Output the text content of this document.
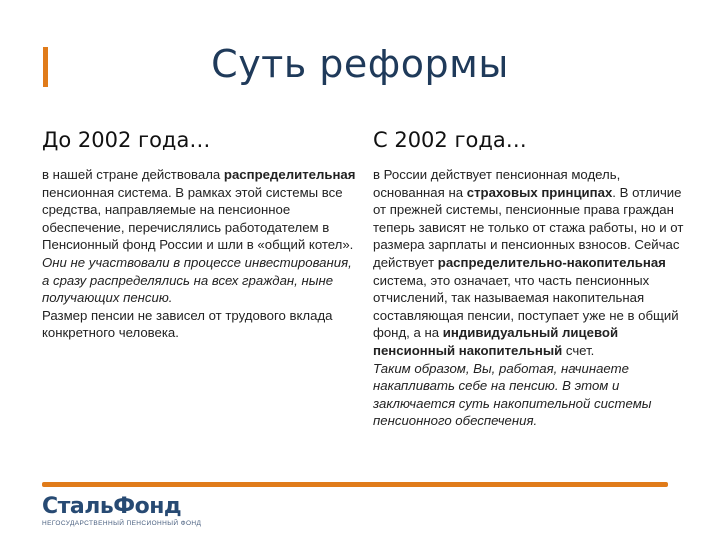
Суть реформы
До 2002 года…
в нашей стране действовала распределительная пенсионная система. В рамках этой системы все средства, направляемые на пенсионное обеспечение, перечислялись работодателем в Пенсионный фонд России и шли в «общий котел».
Они не участвовали в процессе инвестирования, а сразу распределялись на всех граждан, ныне получающих пенсию.
Размер пенсии не зависел от трудового вклада конкретного человека.
С 2002 года…
в России действует пенсионная модель, основанная на страховых принципах. В отличие от прежней системы, пенсионные права граждан теперь зависят не только от стажа работы, но и от размера зарплаты и пенсионных взносов. Сейчас действует распределительно-накопительная система, это означает, что часть пенсионных отчислений, так называемая накопительная составляющая пенсии, поступает уже не в общий фонд, а на индивидуальный лицевой пенсионный накопительный счет.
Таким образом, Вы, работая, начинаете накапливать себе на пенсию. В этом и заключается суть накопительной системы пенсионного обеспечения.
СтальФонд
НЕГОСУДАРСТВЕННЫЙ ПЕНСИОННЫЙ ФОНД
